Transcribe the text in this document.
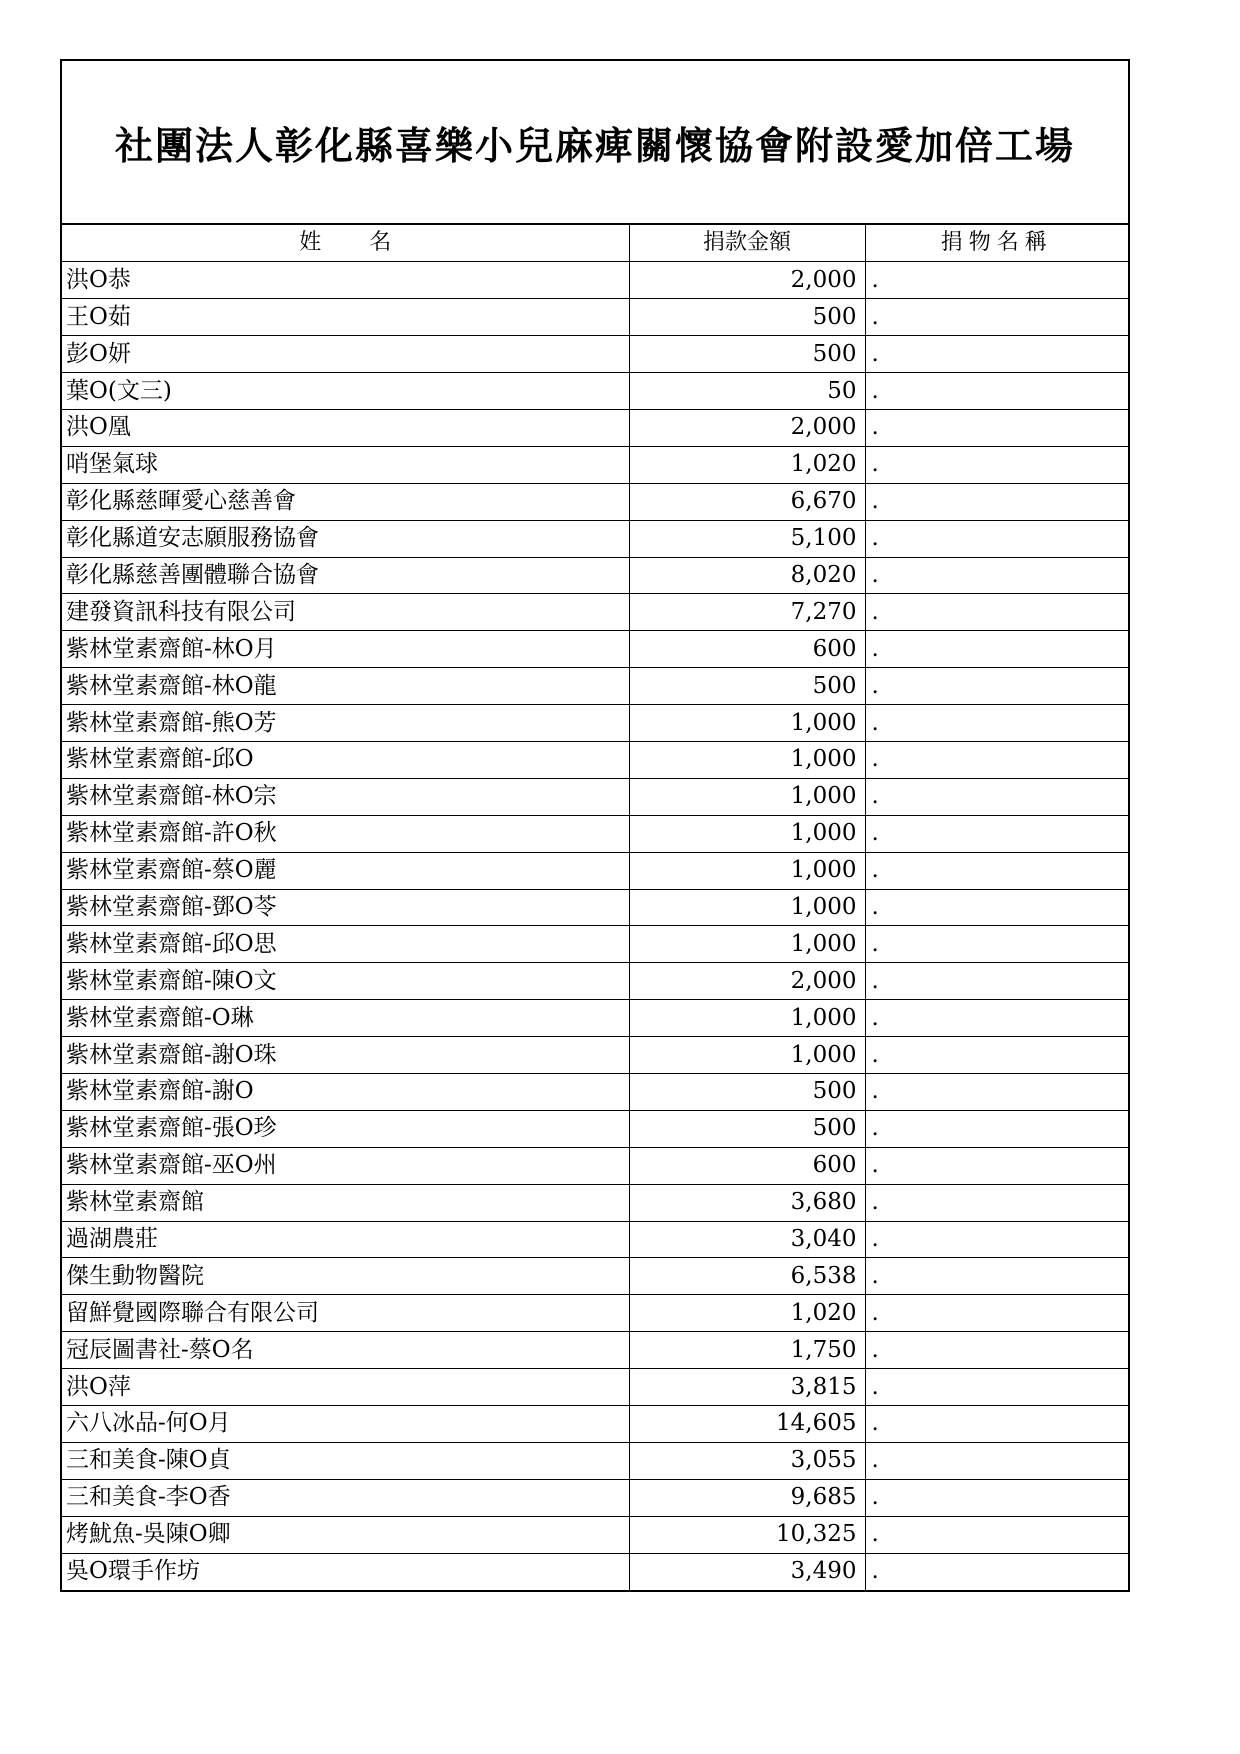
社團法人彰化縣喜樂小兒麻痺關懷協會附設愛加倍工場
姓名	捐款金額	捐物名稱
洪O恭	2,000	.
王O茹	500	.
彭O妍	500	.
葉O(文三)	50	.
洪O凰	2,000	.
哨堡氣球	1,020	.
彰化縣慈暉愛心慈善會	6,670	.
彰化縣道安志願服務協會	5,100	.
彰化縣慈善團體聯合協會	8,020	.
建發資訊科技有限公司	7,270	.
紫林堂素齋館-林O月	600	.
紫林堂素齋館-林O龍	500	.
紫林堂素齋館-熊O芳	1,000	.
紫林堂素齋館-邱O	1,000	.
紫林堂素齋館-林O宗	1,000	.
紫林堂素齋館-許O秋	1,000	.
紫林堂素齋館-蔡O麗	1,000	.
紫林堂素齋館-鄧O苓	1,000	.
紫林堂素齋館-邱O思	1,000	.
紫林堂素齋館-陳O文	2,000	.
紫林堂素齋館-O琳	1,000	.
紫林堂素齋館-謝O珠	1,000	.
紫林堂素齋館-謝O	500	.
紫林堂素齋館-張O珍	500	.
紫林堂素齋館-巫O州	600	.
紫林堂素齋館	3,680	.
過湖農莊	3,040	.
傑生動物醫院	6,538	.
留鮮覺國際聯合有限公司	1,020	.
冠辰圖書社-蔡O名	1,750	.
洪O萍	3,815	.
六八冰品-何O月	14,605	.
三和美食-陳O貞	3,055	.
三和美食-李O香	9,685	.
烤魷魚-吳陳O卿	10,325	.
吳O環手作坊	3,490	.
